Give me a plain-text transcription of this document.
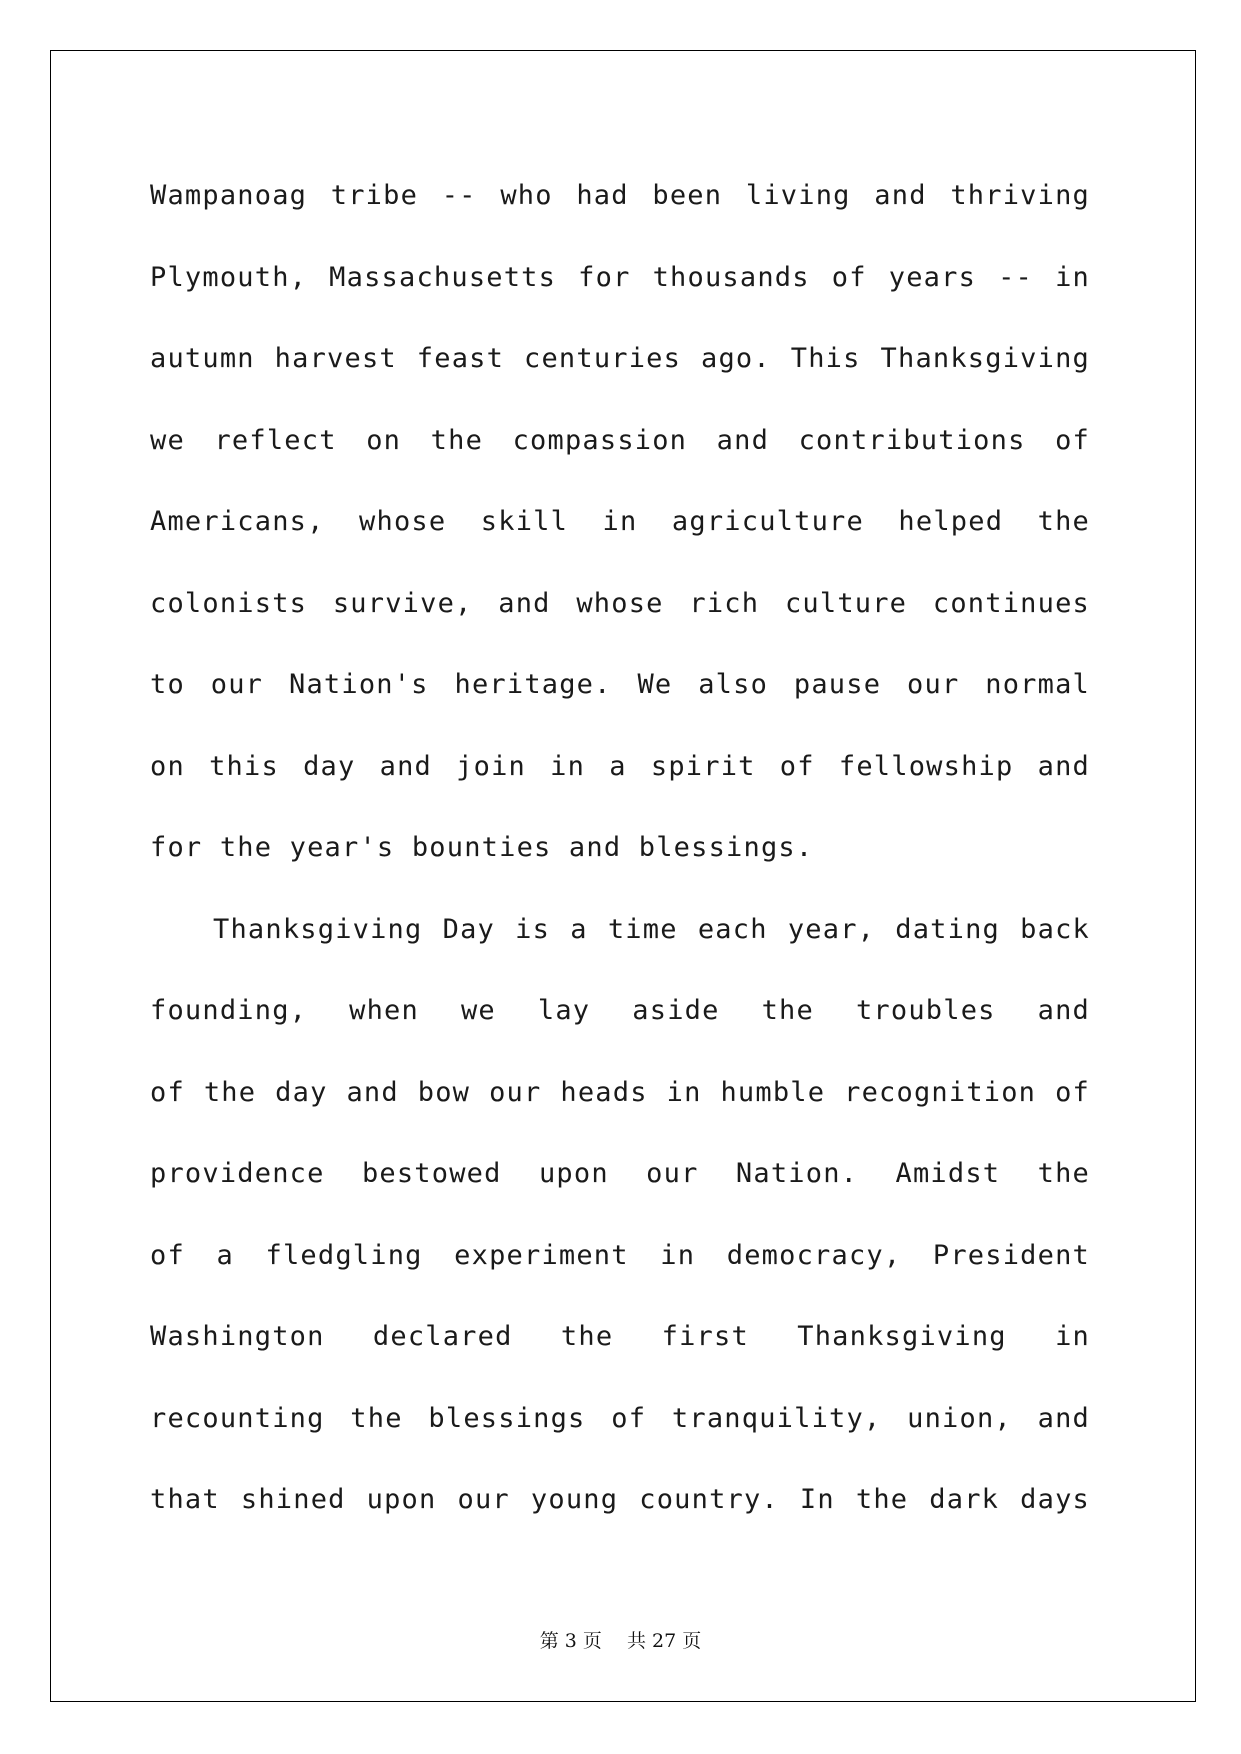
Wampanoag tribe -- who had been living and thriving
Plymouth, Massachusetts for thousands of years -- in
autumn harvest feast centuries ago. This Thanksgiving
we reflect on the compassion and contributions of
Americans, whose skill in agriculture helped the
colonists survive, and whose rich culture continues
to our Nation's heritage. We also pause our normal
on this day and join in a spirit of fellowship and
for the year's bounties and blessings.
Thanksgiving Day is a time each year, dating back
founding, when we lay aside the troubles and
of the day and bow our heads in humble recognition of
providence bestowed upon our Nation. Amidst the
of a fledgling experiment in democracy, President
Washington declared the first Thanksgiving in
recounting the blessings of tranquility, union, and
that shined upon our young country. In the dark days
第 3 页　 共 27 页
